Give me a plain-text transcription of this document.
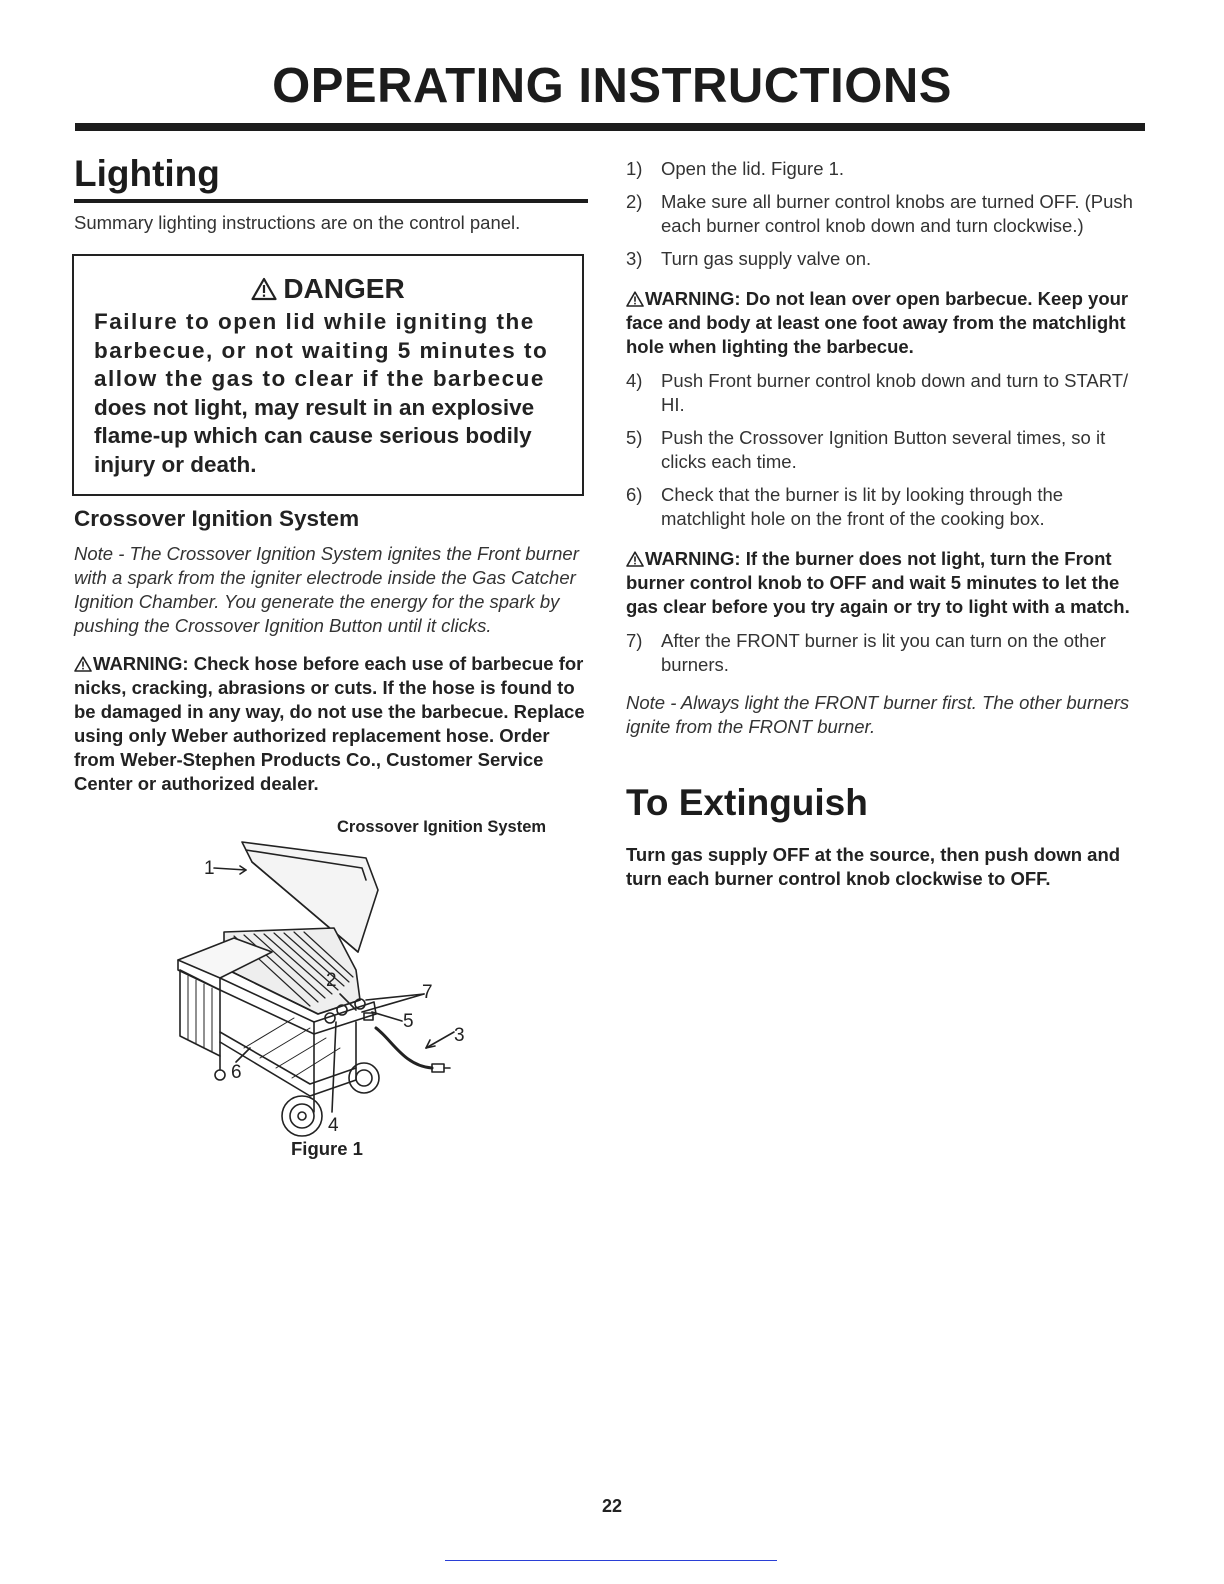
OPERATING INSTRUCTIONS
Lighting

Summary lighting instructions are on the control panel.

DANGER
Failure to open lid while igniting the
barbecue, or not waiting 5 minutes to
allow the gas to clear if the barbecue
does not light, may result in an explosive
flame-up which can cause serious bodily
injury or death.
Crossover Ignition System

Note - The Crossover Ignition System ignites the Front burner with a spark from the igniter electrode inside the Gas Catcher Ignition Chamber. You generate the energy for the spark by pushing the Crossover Ignition Button until it clicks.

WARNING: Check hose before each use of barbecue for nicks, cracking, abrasions or cuts. If the hose is found to be damaged in any way, do not use the barbecue. Replace using only Weber authorized replacement hose. Order from Weber-Stephen Products Co., Customer Service Center or authorized dealer.

Crossover Ignition System
1
2
7
5
3
6
4
Figure 1
1)	Open the lid. Figure 1.
2)	Make sure all burner control knobs are turned OFF. (Push each burner control knob down and turn clockwise.)
3)	Turn gas supply valve on.

WARNING: Do not lean over open barbecue. Keep your face and body at least one foot away from the matchlight hole when lighting the barbecue.

4)	Push Front burner control knob down and turn to START/ HI.
5)	Push the Crossover Ignition Button several times, so it clicks each time.
6)	Check that the burner is lit by looking through the matchlight hole on the front of the cooking box.

WARNING: If the burner does not light, turn the Front burner control knob to OFF and wait 5 minutes to let the gas clear before you try again or try to light with a match.

7)	After the FRONT burner is lit you can turn on the other burners.

Note - Always light the FRONT burner first. The other burners ignite from the FRONT burner.

To Extinguish

Turn gas supply OFF at the source, then push down and turn each burner control knob clockwise to OFF.

22
